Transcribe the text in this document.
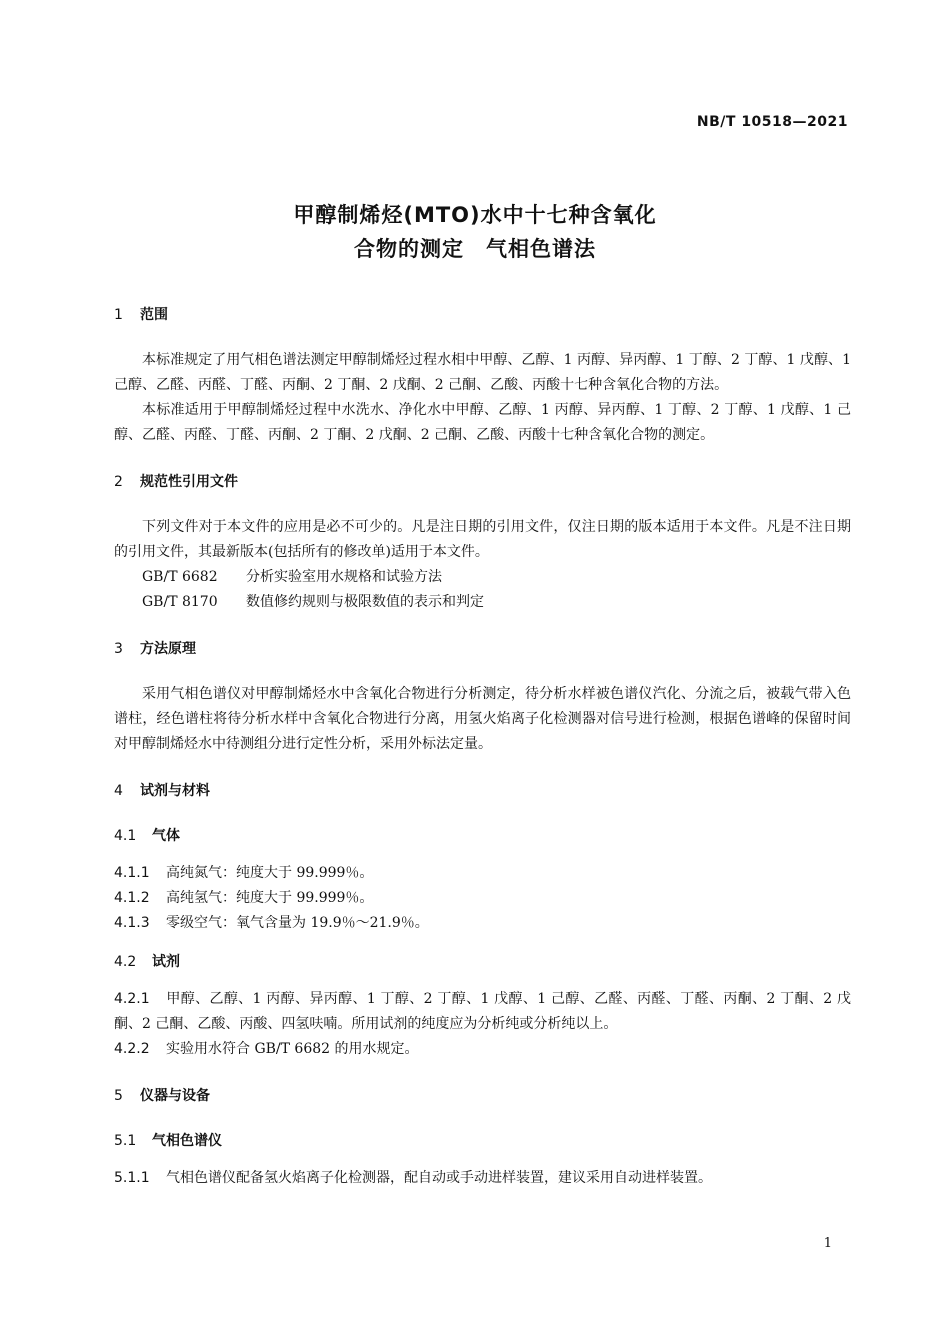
NB/T 10518—2021
甲醇制烯烃(MTO)水中十七种含氧化
合物的测定　气相色谱法
1 范围

本标准规定了用气相色谱法测定甲醇制烯烃过程水相中甲醇、乙醇、1 丙醇、异丙醇、1 丁醇、2 丁醇、1 戊醇、1 己醇、乙醛、丙醛、丁醛、丙酮、2 丁酮、2 戊酮、2 己酮、乙酸、丙酸十七种含氧化合物的方法。

本标准适用于甲醇制烯烃过程中水洗水、净化水中甲醇、乙醇、1 丙醇、异丙醇、1 丁醇、2 丁醇、1 戊醇、1 己醇、乙醛、丙醛、丁醛、丙酮、2 丁酮、2 戊酮、2 己酮、乙酸、丙酸十七种含氧化合物的测定。

2 规范性引用文件

下列文件对于本文件的应用是必不可少的。凡是注日期的引用文件，仅注日期的版本适用于本文件。凡是不注日期的引用文件，其最新版本(包括所有的修改单)适用于本文件。

GB/T 6682 分析实验室用水规格和试验方法

GB/T 8170 数值修约规则与极限数值的表示和判定

3 方法原理

采用气相色谱仪对甲醇制烯烃水中含氧化合物进行分析测定，待分析水样被色谱仪汽化、分流之后，被载气带入色谱柱，经色谱柱将待分析水样中含氧化合物进行分离，用氢火焰离子化检测器对信号进行检测，根据色谱峰的保留时间对甲醇制烯烃水中待测组分进行定性分析，采用外标法定量。

4 试剂与材料
4.1 气体

4.1.1 高纯氮气：纯度大于 99.999％。

4.1.2 高纯氢气：纯度大于 99.999％。

4.1.3 零级空气：氧气含量为 19.9％～21.9％。

4.2 试剂

4.2.1 甲醇、乙醇、1 丙醇、异丙醇、1 丁醇、2 丁醇、1 戊醇、1 己醇、乙醛、丙醛、丁醛、丙酮、2 丁酮、2 戊酮、2 己酮、乙酸、丙酸、四氢呋喃。所用试剂的纯度应为分析纯或分析纯以上。

4.2.2 实验用水符合 GB/T 6682 的用水规定。

5 仪器与设备
5.1 气相色谱仪

5.1.1 气相色谱仪配备氢火焰离子化检测器，配自动或手动进样装置，建议采用自动进样装置。

1
